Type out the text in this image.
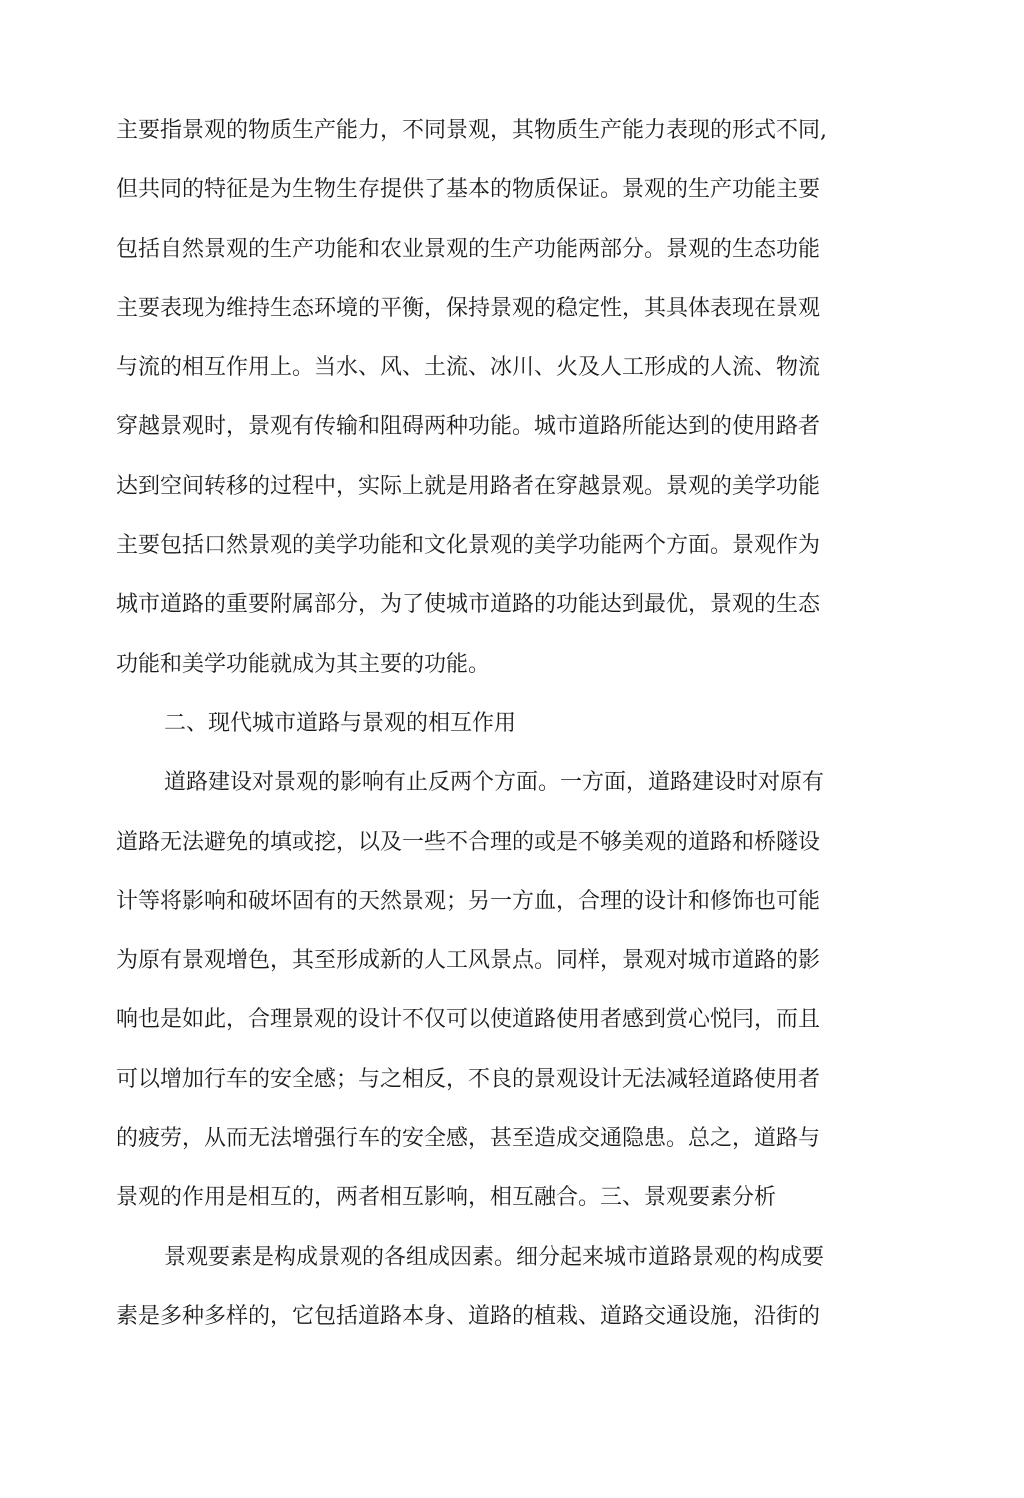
主要指景观的物质生产能力，不同景观，其物质生产能力表现的形式不同,
但共同的特征是为生物生存提供了基本的物质保证。景观的生产功能主要
包括自然景观的生产功能和农业景观的生产功能两部分。景观的生态功能
主要表现为维持生态环境的平衡，保持景观的稳定性，其具体表现在景观
与流的相互作用上。当水、风、土流、冰川、火及人工形成的人流、物流
穿越景观时，景观有传输和阻碍两种功能。城市道路所能达到的使用路者
达到空间转移的过程中，实际上就是用路者在穿越景观。景观的美学功能
主要包括口然景观的美学功能和文化景观的美学功能两个方面。景观作为
城市道路的重要附属部分，为了使城市道路的功能达到最优，景观的生态
功能和美学功能就成为其主要的功能。
二、现代城市道路与景观的相互作用
道路建设对景观的影响有止反两个方面。一方面，道路建设时对原有
道路无法避免的填或挖，以及一些不合理的或是不够美观的道路和桥隧设
计等将影响和破坏固有的天然景观；另一方血，合理的设计和修饰也可能
为原有景观增色，其至形成新的人工风景点。同样，景观对城市道路的影
响也是如此，合理景观的设计不仅可以使道路使用者感到赏心悦冃，而且
可以增加行车的安全感；与之相反，不良的景观设计无法减轻道路使用者
的疲劳，从而无法增强行车的安全感，甚至造成交通隐患。总之，道路与
景观的作用是相互的，两者相互影响，相互融合。三、景观要素分析
景观要素是构成景观的各组成因素。细分起来城市道路景观的构成要
素是多种多样的，它包括道路本身、道路的植栽、道路交通设施，沿街的
